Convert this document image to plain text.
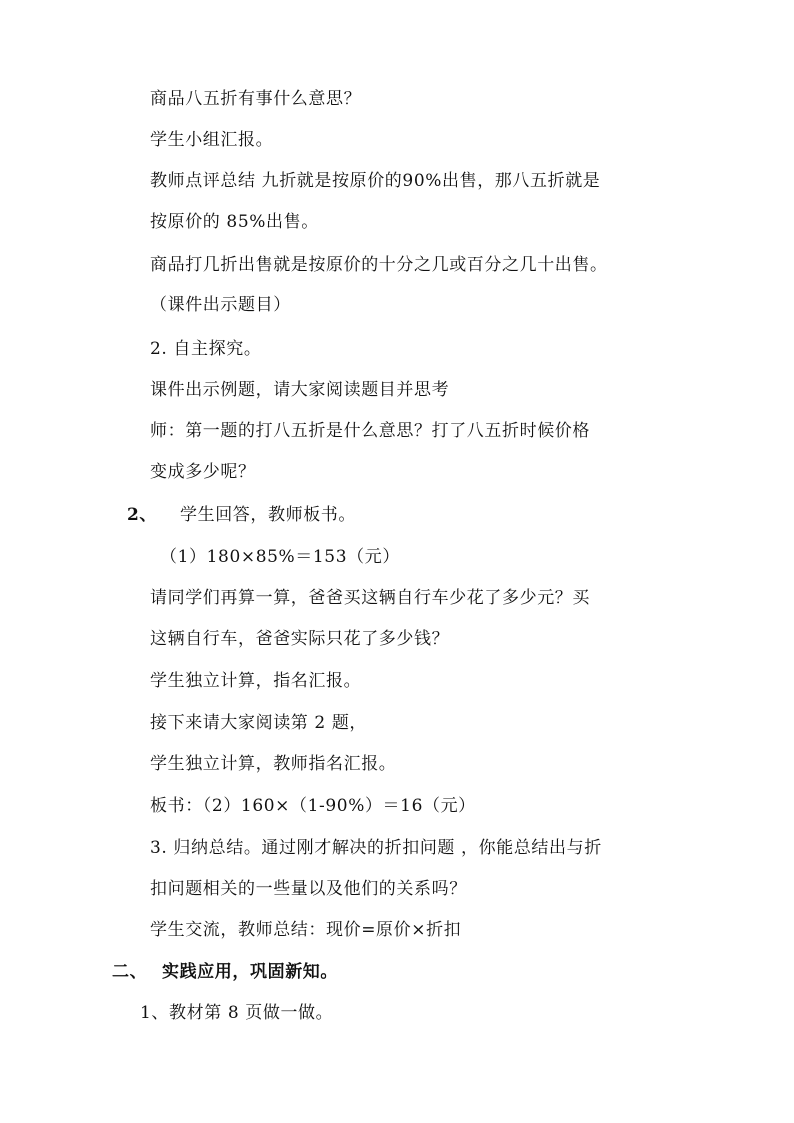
商品八五折有事什么意思？
学生小组汇报。
教师点评总结 九折就是按原价的90%出售，那八五折就是
按原价的 85%出售。
商品打几折出售就是按原价的十分之几或百分之几十出售。
（课件出示题目）
2. 自主探究。
课件出示例题，请大家阅读题目并思考
师：第一题的打八五折是什么意思？打了八五折时候价格
变成多少呢？
2、 学生回答，教师板书。
（1）180×85%＝153（元）
请同学们再算一算，爸爸买这辆自行车少花了多少元？买
这辆自行车，爸爸实际只花了多少钱？
学生独立计算，指名汇报。
接下来请大家阅读第 2 题，
学生独立计算，教师指名汇报。
板书：（2）160×（1-90%）＝16（元）
3. 归纳总结。通过刚才解决的折扣问题 ，你能总结出与折
扣问题相关的一些量以及他们的关系吗？
学生交流，教师总结：现价=原价×折扣
二、 实践应用，巩固新知。
1、教材第 8 页做一做。
